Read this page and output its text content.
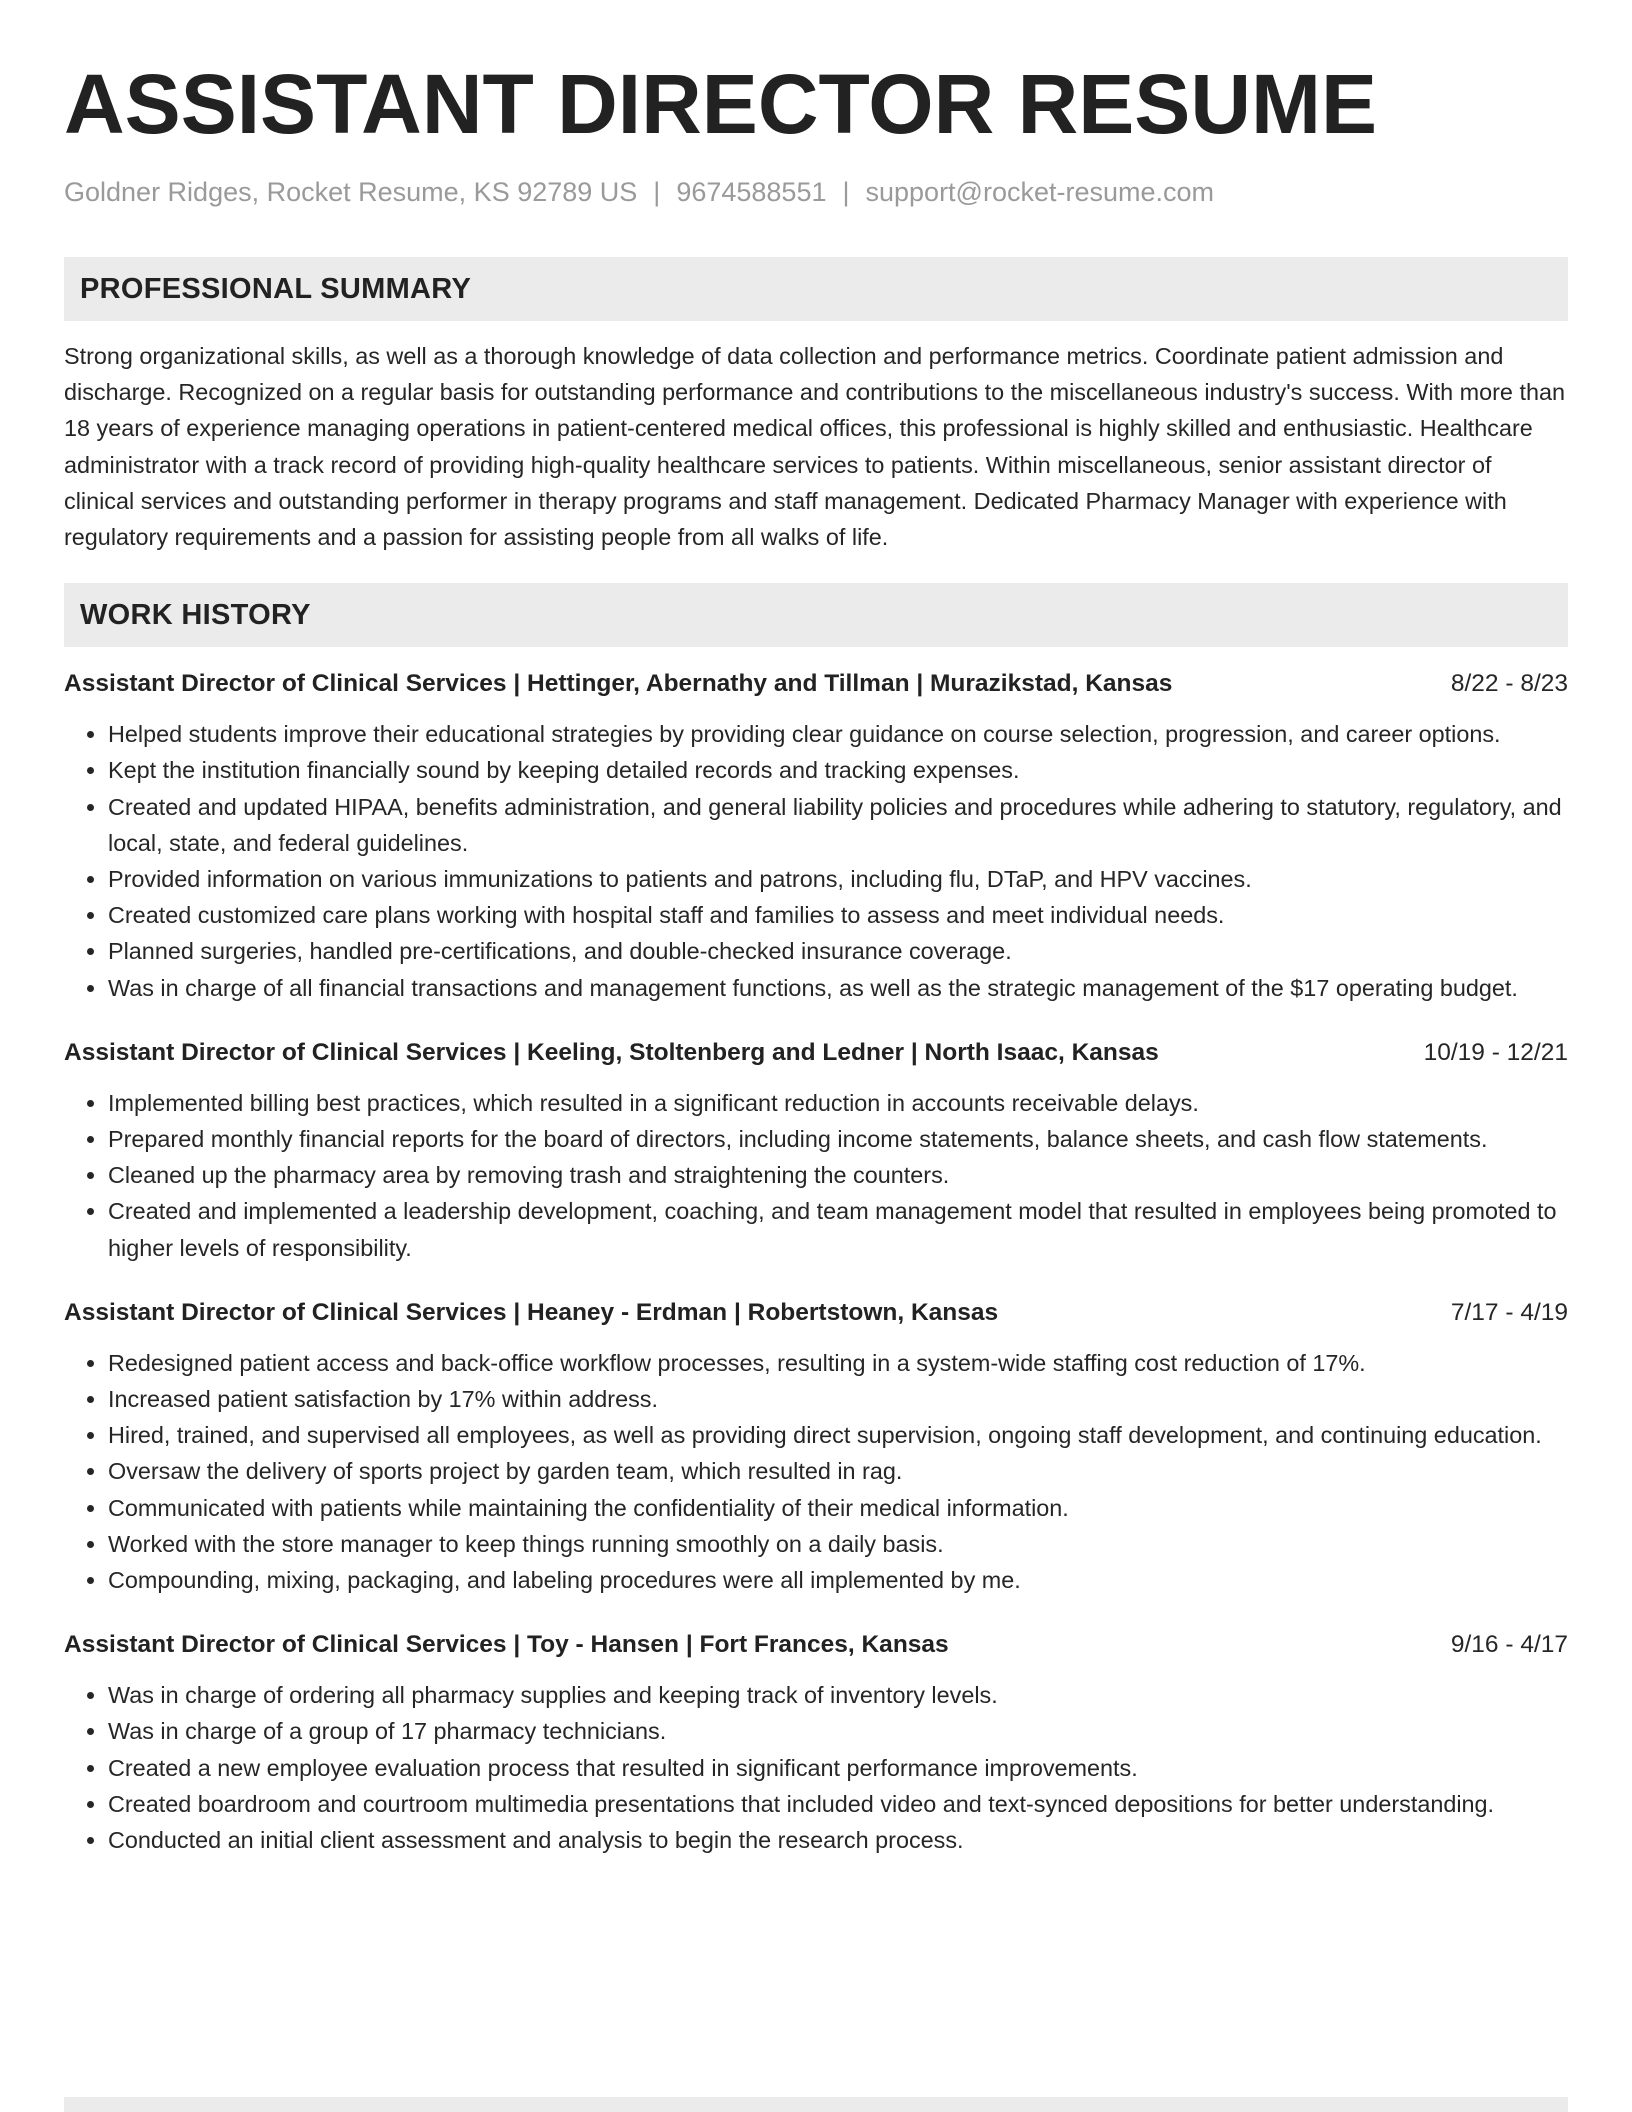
ASSISTANT DIRECTOR RESUME
Goldner Ridges, Rocket Resume, KS 92789 US | 9674588551 | support@rocket-resume.com
PROFESSIONAL SUMMARY

Strong organizational skills, as well as a thorough knowledge of data collection and performance metrics. Coordinate patient admission and discharge. Recognized on a regular basis for outstanding performance and contributions to the miscellaneous industry's success. With more than 18 years of experience managing operations in patient-centered medical offices, this professional is highly skilled and enthusiastic. Healthcare administrator with a track record of providing high-quality healthcare services to patients. Within miscellaneous, senior assistant director of clinical services and outstanding performer in therapy programs and staff management. Dedicated Pharmacy Manager with experience with regulatory requirements and a passion for assisting people from all walks of life.

WORK HISTORY
Assistant Director of Clinical Services | Hettinger, Abernathy and Tillman | Murazikstad, Kansas	8/22 - 8/23
• Helped students improve their educational strategies by providing clear guidance on course selection, progression, and career options.
• Kept the institution financially sound by keeping detailed records and tracking expenses.
• Created and updated HIPAA, benefits administration, and general liability policies and procedures while adhering to statutory, regulatory, and local, state, and federal guidelines.
• Provided information on various immunizations to patients and patrons, including flu, DTaP, and HPV vaccines.
• Created customized care plans working with hospital staff and families to assess and meet individual needs.
• Planned surgeries, handled pre-certifications, and double-checked insurance coverage.
• Was in charge of all financial transactions and management functions, as well as the strategic management of the $17 operating budget.
Assistant Director of Clinical Services | Keeling, Stoltenberg and Ledner | North Isaac, Kansas	10/19 - 12/21
• Implemented billing best practices, which resulted in a significant reduction in accounts receivable delays.
• Prepared monthly financial reports for the board of directors, including income statements, balance sheets, and cash flow statements.
• Cleaned up the pharmacy area by removing trash and straightening the counters.
• Created and implemented a leadership development, coaching, and team management model that resulted in employees being promoted to higher levels of responsibility.
Assistant Director of Clinical Services | Heaney - Erdman | Robertstown, Kansas	7/17 - 4/19
• Redesigned patient access and back-office workflow processes, resulting in a system-wide staffing cost reduction of 17%.
• Increased patient satisfaction by 17% within address.
• Hired, trained, and supervised all employees, as well as providing direct supervision, ongoing staff development, and continuing education.
• Oversaw the delivery of sports project by garden team, which resulted in rag.
• Communicated with patients while maintaining the confidentiality of their medical information.
• Worked with the store manager to keep things running smoothly on a daily basis.
• Compounding, mixing, packaging, and labeling procedures were all implemented by me.
Assistant Director of Clinical Services | Toy - Hansen | Fort Frances, Kansas	9/16 - 4/17
• Was in charge of ordering all pharmacy supplies and keeping track of inventory levels.
• Was in charge of a group of 17 pharmacy technicians.
• Created a new employee evaluation process that resulted in significant performance improvements.
• Created boardroom and courtroom multimedia presentations that included video and text-synced depositions for better understanding.
• Conducted an initial client assessment and analysis to begin the research process.
